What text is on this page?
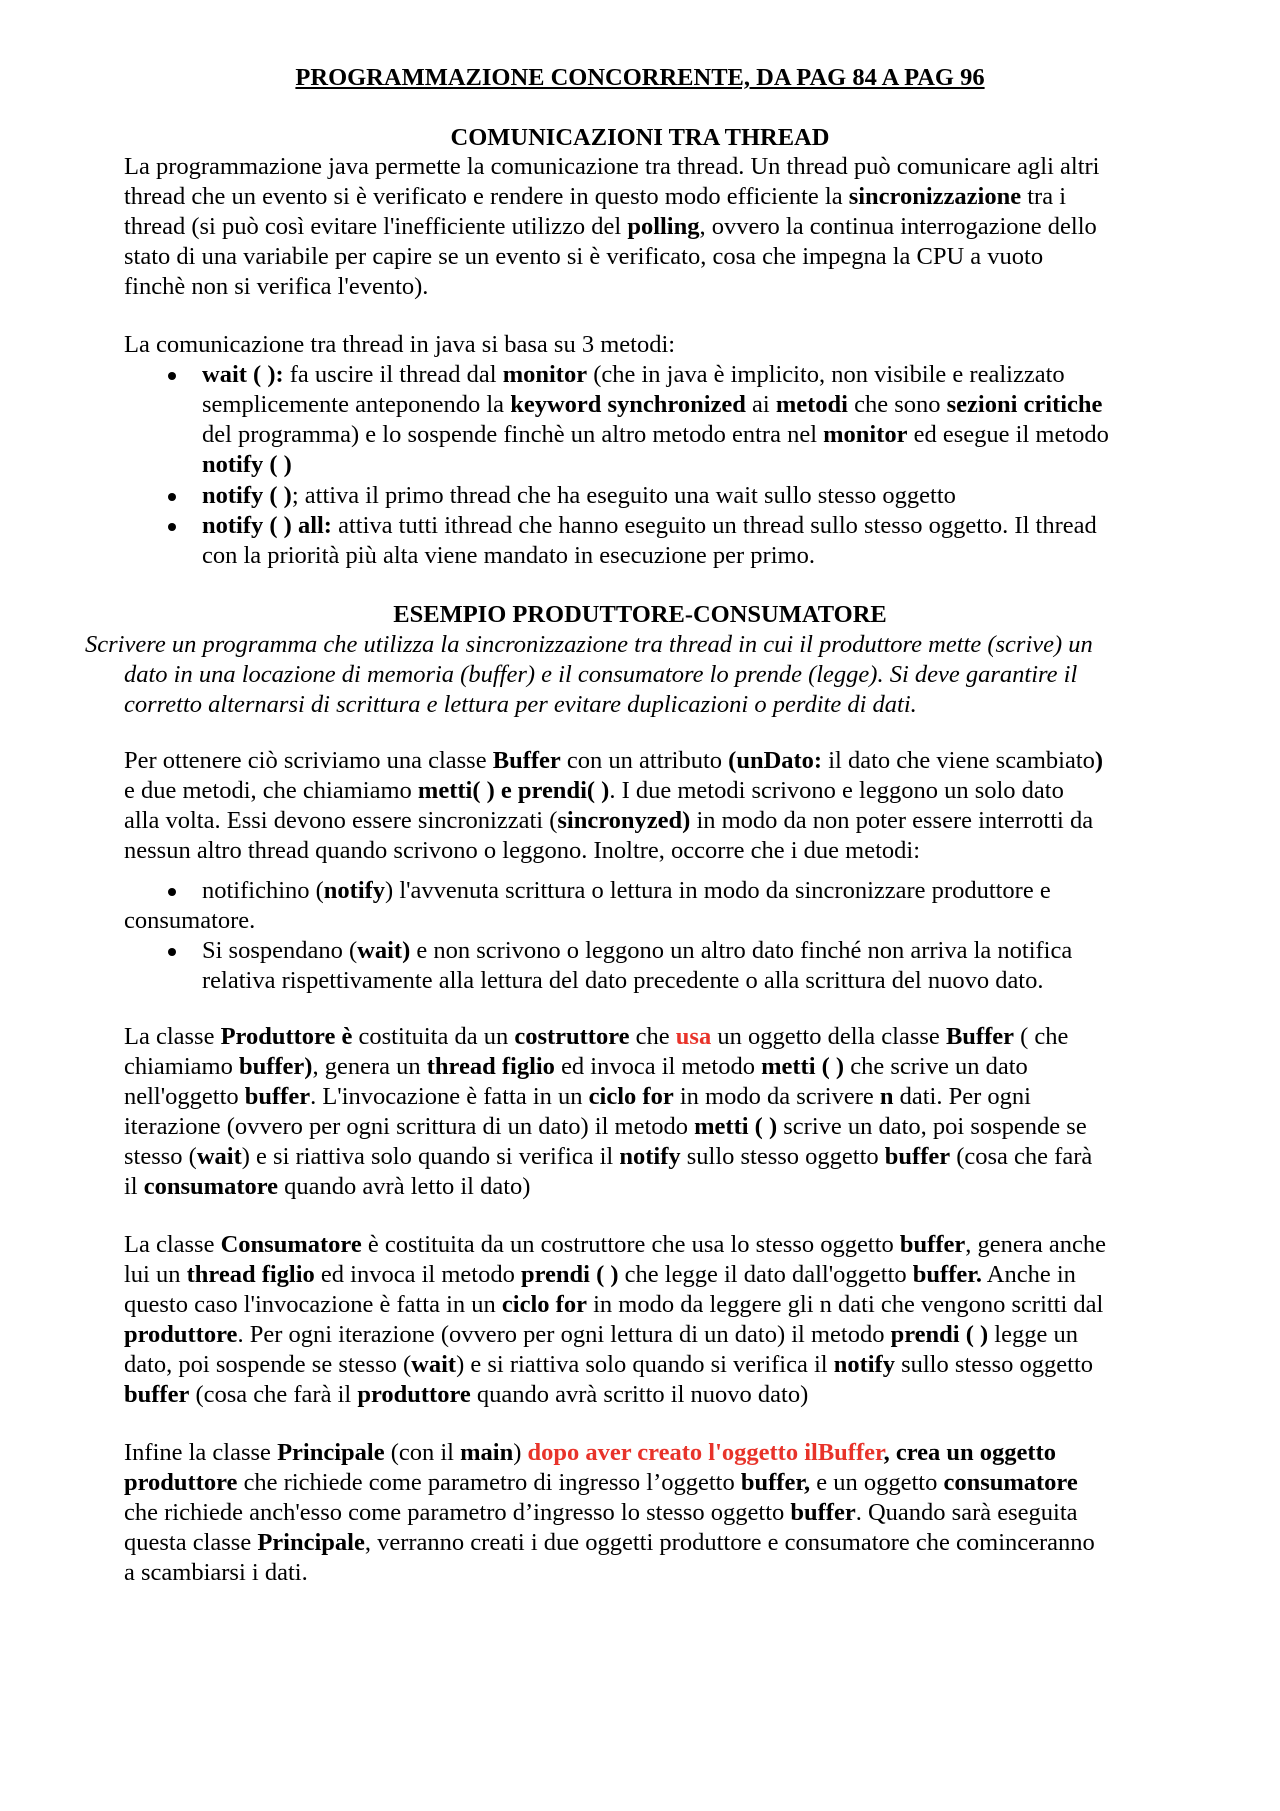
PROGRAMMAZIONE CONCORRENTE, DA PAG 84 A PAG 96
COMUNICAZIONI TRA THREAD
La programmazione java permette la comunicazione tra thread. Un thread può comunicare agli altri
thread che un evento si è verificato e rendere in questo modo efficiente la sincronizzazione tra i
thread (si può così evitare l'inefficiente utilizzo del polling, ovvero la continua interrogazione dello
stato di una variabile per capire se un evento si è verificato, cosa che impegna la CPU a vuoto
finchè non si verifica l'evento).
La comunicazione tra thread in java si basa su 3 metodi:
wait ( ): fa uscire il thread dal monitor (che in java è implicito, non visibile e realizzato
semplicemente anteponendo la keyword synchronized ai metodi che sono sezioni critiche
del programma) e lo sospende finchè un altro metodo entra nel monitor ed esegue il metodo
notify ( )
notify ( ); attiva il primo thread che ha eseguito una wait sullo stesso oggetto
notify ( ) all: attiva tutti ithread che hanno eseguito un thread sullo stesso oggetto. Il thread
con la priorità più alta viene mandato in esecuzione per primo.
ESEMPIO PRODUTTORE-CONSUMATORE
Scrivere un programma che utilizza la sincronizzazione tra thread in cui il produttore mette (scrive) un
dato in una locazione di memoria (buffer) e il consumatore lo prende (legge). Si deve garantire il
corretto alternarsi di scrittura e lettura per evitare duplicazioni o perdite di dati.
Per ottenere ciò scriviamo una classe Buffer con un attributo (unDato: il dato che viene scambiato)
e due metodi, che chiamiamo metti( ) e prendi( ). I due metodi scrivono e leggono un solo dato
alla volta. Essi devono essere sincronizzati (sincronyzed) in modo da non poter essere interrotti da
nessun altro thread quando scrivono o leggono. Inoltre, occorre che i due metodi:
notifichino (notify) l'avvenuta scrittura o lettura in modo da sincronizzare produttore e
consumatore.
Si sospendano (wait) e non scrivono o leggono un altro dato finché non arriva la notifica
relativa rispettivamente alla lettura del dato precedente o alla scrittura del nuovo dato.
La classe Produttore è costituita da un costruttore che usa un oggetto della classe Buffer ( che
chiamiamo buffer), genera un thread figlio ed invoca il metodo metti ( ) che scrive un dato
nell'oggetto buffer. L'invocazione è fatta in un ciclo for in modo da scrivere n dati. Per ogni
iterazione (ovvero per ogni scrittura di un dato) il metodo metti ( ) scrive un dato, poi sospende se
stesso (wait) e si riattiva solo quando si verifica il notify sullo stesso oggetto buffer (cosa che farà
il consumatore quando avrà letto il dato)
La classe Consumatore è costituita da un costruttore che usa lo stesso oggetto buffer, genera anche
lui un thread figlio ed invoca il metodo prendi ( ) che legge il dato dall'oggetto buffer. Anche in
questo caso l'invocazione è fatta in un ciclo for in modo da leggere gli n dati che vengono scritti dal
produttore. Per ogni iterazione (ovvero per ogni lettura di un dato) il metodo prendi ( ) legge un
dato, poi sospende se stesso (wait) e si riattiva solo quando si verifica il notify sullo stesso oggetto
buffer (cosa che farà il produttore quando avrà scritto il nuovo dato)
Infine la classe Principale (con il main) dopo aver creato l'oggetto ilBuffer, crea un oggetto
produttore che richiede come parametro di ingresso l’oggetto buffer, e un oggetto consumatore
che richiede anch'esso come parametro d’ingresso lo stesso oggetto buffer. Quando sarà eseguita
questa classe Principale, verranno creati i due oggetti produttore e consumatore che cominceranno
a scambiarsi i dati.
